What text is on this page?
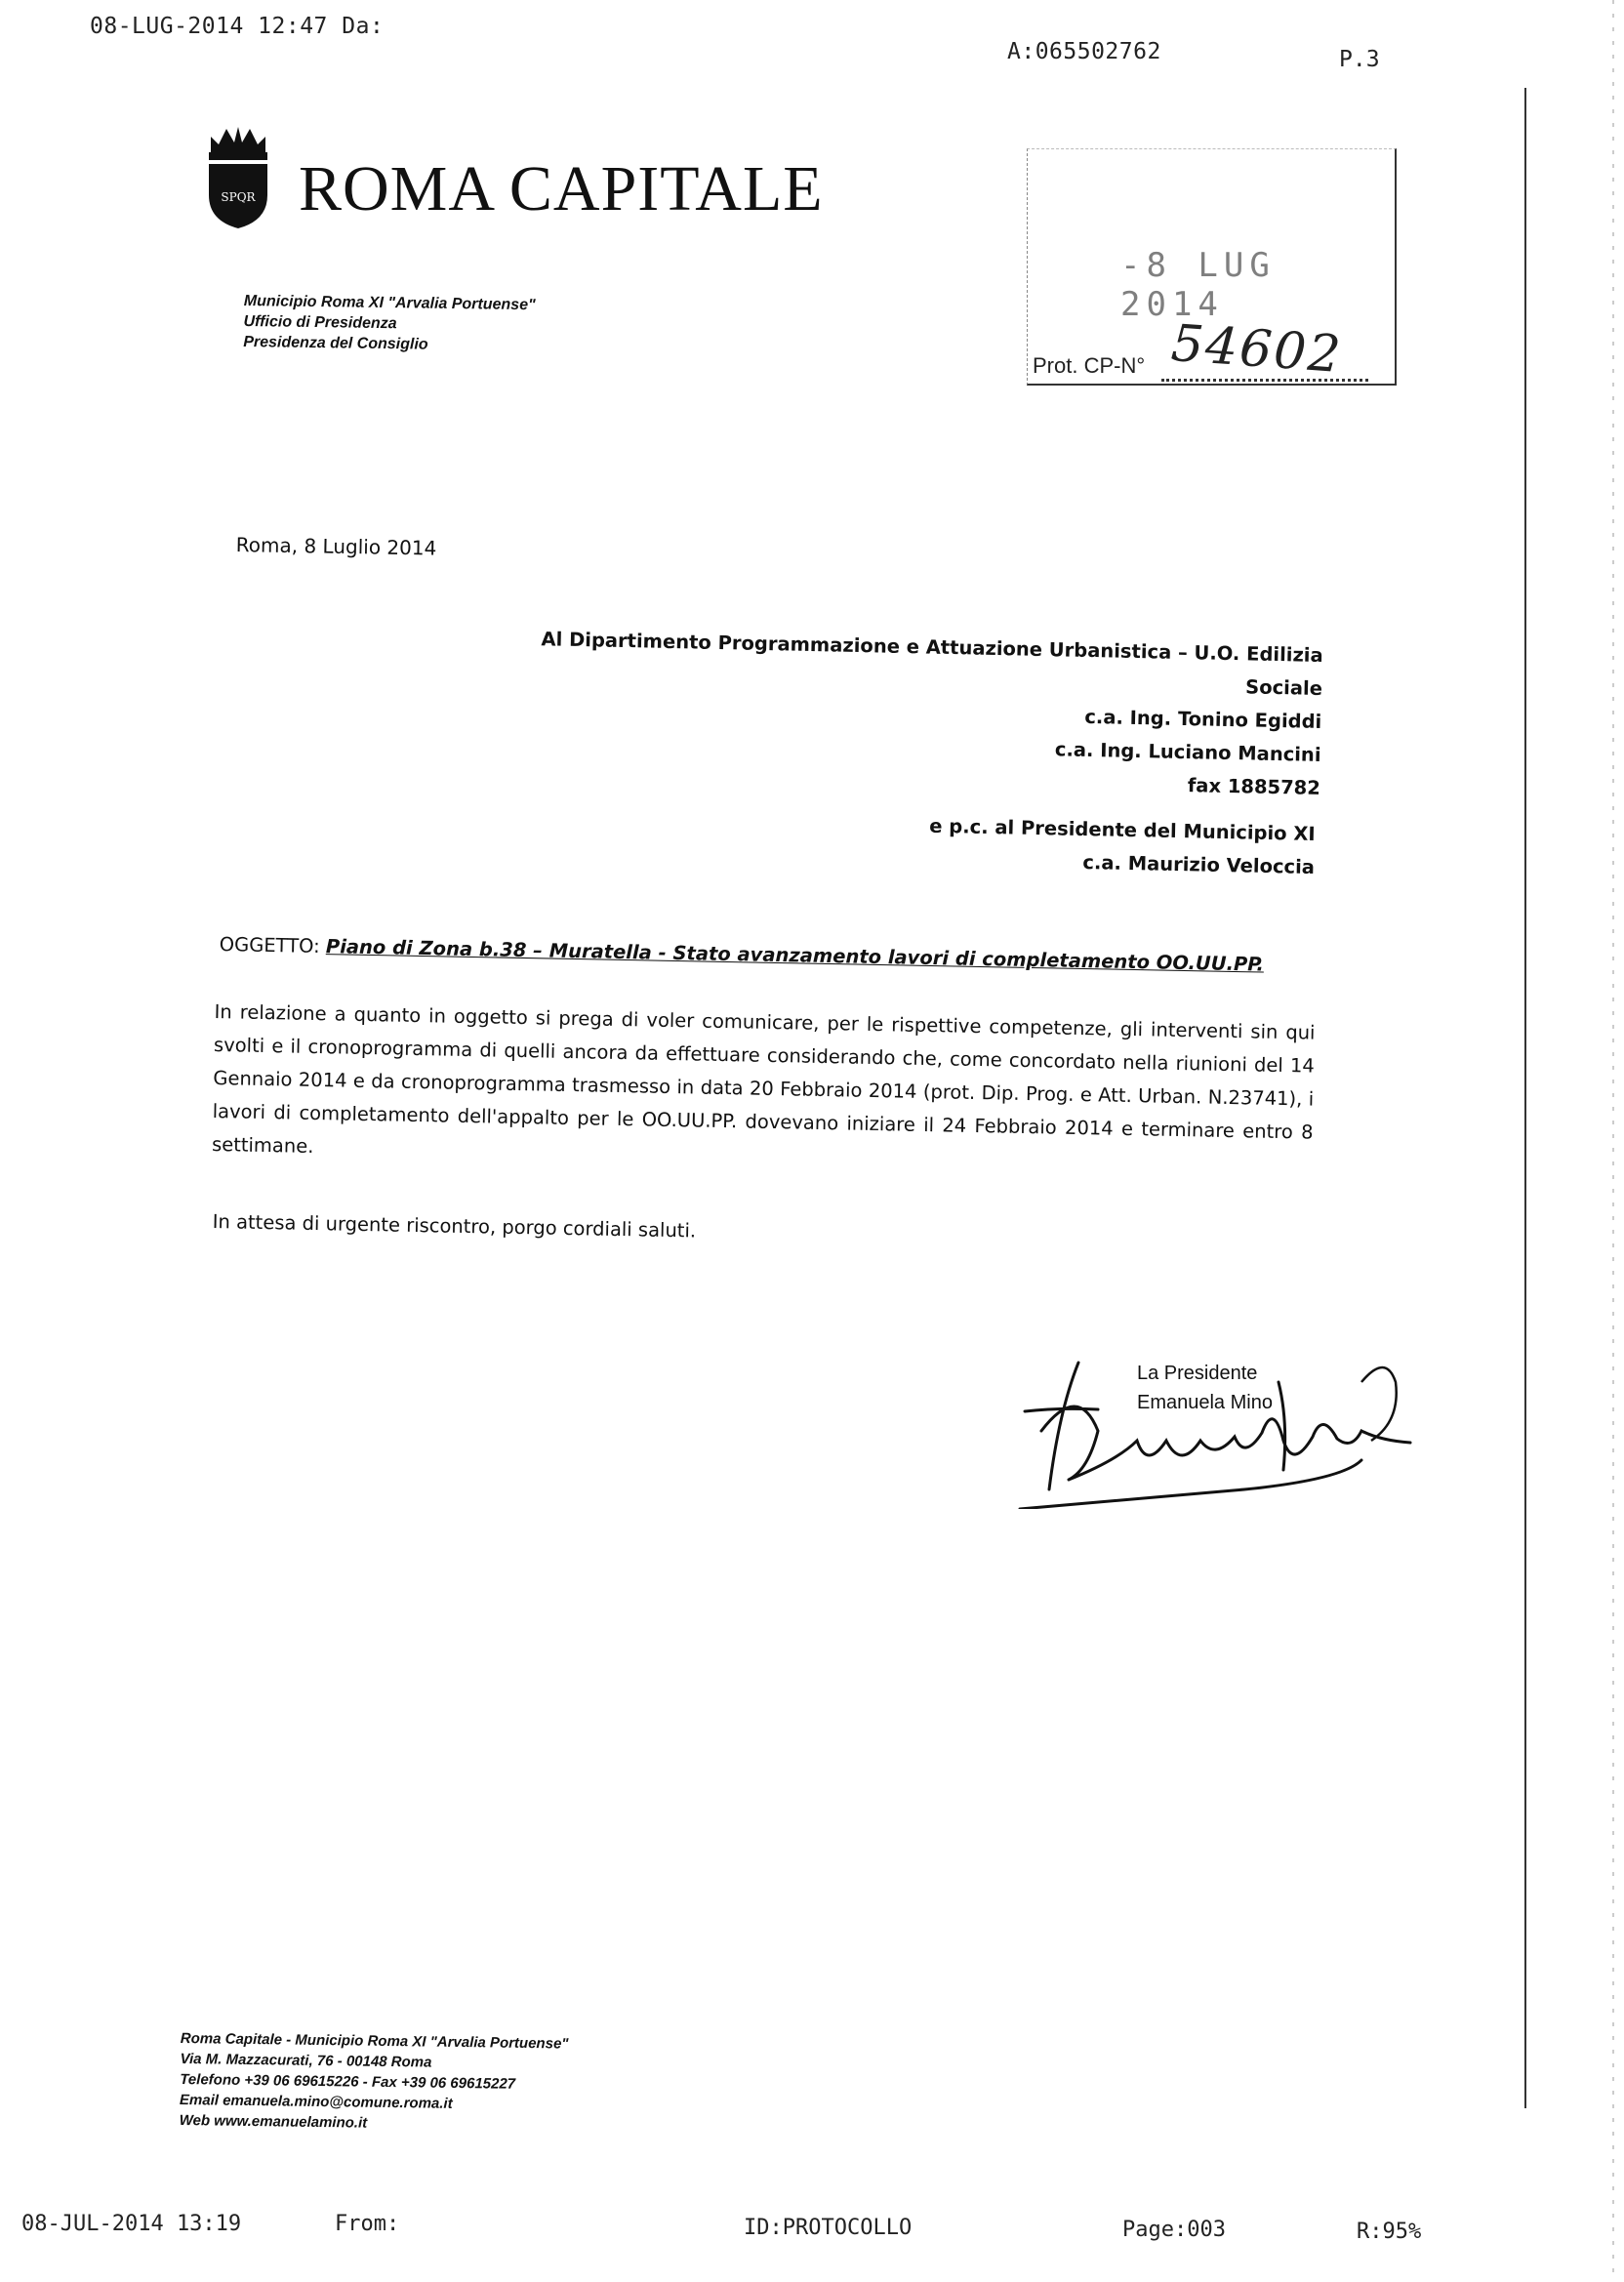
08-LUG-2014 12:47 Da:
A:065502762	P.3
SPQR ROMA CAPITALE
Municipio Roma XI "Arvalia Portuense"
Ufficio di Presidenza
Presidenza del Consiglio
-8 LUG 2014
Prot. CP-N° 54602
Roma, 8 Luglio 2014
Al Dipartimento Programmazione e Attuazione Urbanistica – U.O. Edilizia Sociale
c.a. Ing. Tonino Egiddi
c.a. Ing. Luciano Mancini
fax 1885782
e p.c. al Presidente del Municipio XI
c.a. Maurizio Veloccia
OGGETTO: Piano di Zona b.38 – Muratella - Stato avanzamento lavori di completamento OO.UU.PP.
In relazione a quanto in oggetto si prega di voler comunicare, per le rispettive competenze, gli interventi sin qui svolti e il cronoprogramma di quelli ancora da effettuare considerando che, come concordato nella riunioni del 14 Gennaio 2014 e da cronoprogramma trasmesso in data 20 Febbraio 2014 (prot. Dip. Prog. e Att. Urban. N.23741), i lavori di completamento dell'appalto per le OO.UU.PP. dovevano iniziare il 24 Febbraio 2014 e terminare entro 8 settimane.
In attesa di urgente riscontro, porgo cordiali saluti.
La Presidente
Emanuela Mino
Roma Capitale - Municipio Roma XI "Arvalia Portuense"
Via M. Mazzacurati, 76 - 00148 Roma
Telefono +39 06 69615226 - Fax +39 06 69615227
Email emanuela.mino@comune.roma.it
Web www.emanuelamino.it
08-JUL-2014 13:19	From:	ID:PROTOCOLLO	Page:003	R:95%
